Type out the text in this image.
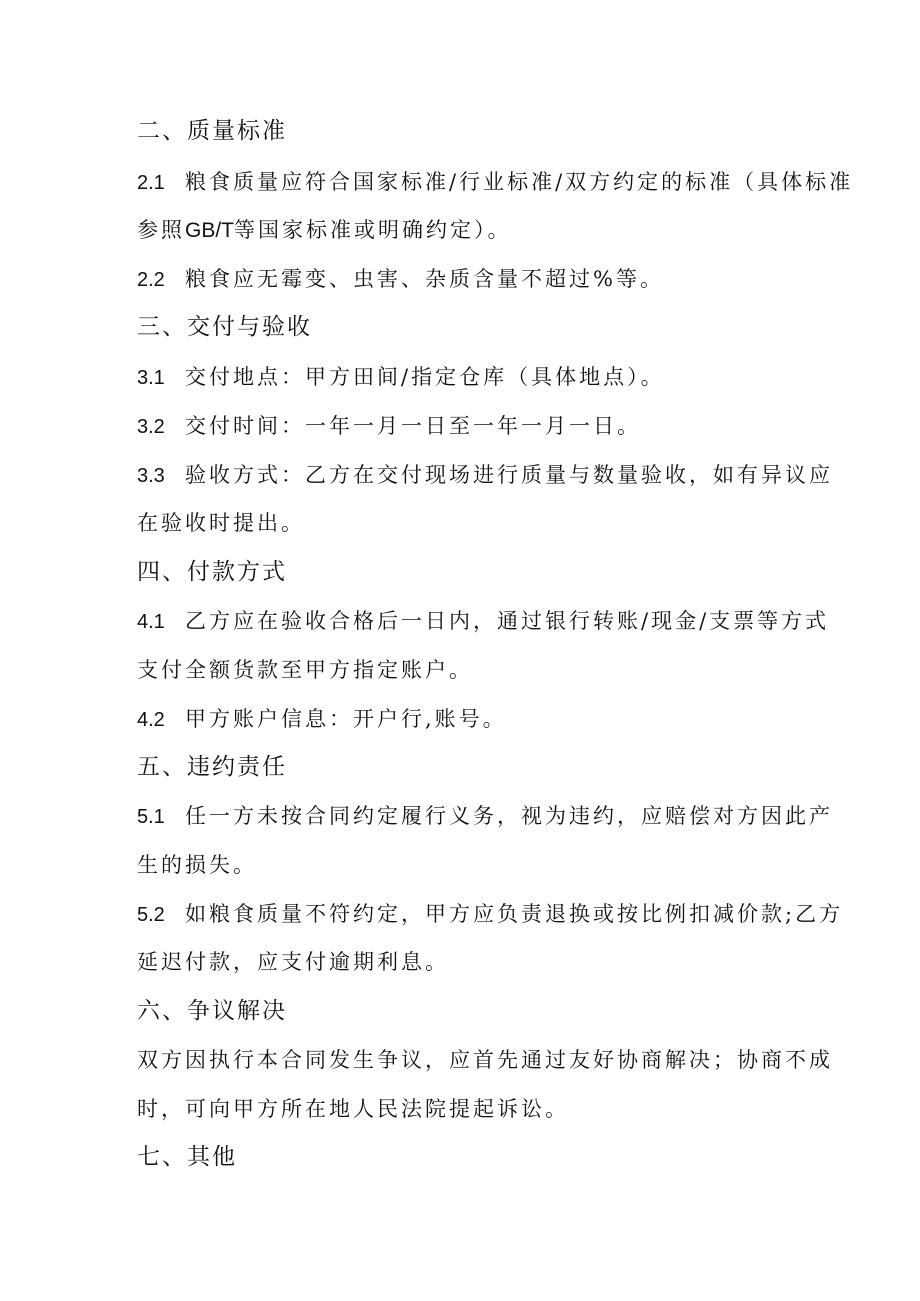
二、质量标准
2.1 粮食质量应符合国家标准/行业标准/双方约定的标准（具体标准
参照GB/T等国家标准或明确约定）。
2.2 粮食应无霉变、虫害、杂质含量不超过%等。
三、交付与验收
3.1 交付地点：甲方田间/指定仓库（具体地点）。
3.2 交付时间：一年一月一日至一年一月一日。
3.3 验收方式：乙方在交付现场进行质量与数量验收，如有异议应
在验收时提出。
四、付款方式
4.1 乙方应在验收合格后一日内，通过银行转账/现金/支票等方式
支付全额货款至甲方指定账户。
4.2 甲方账户信息：开户行,账号。
五、违约责任
5.1 任一方未按合同约定履行义务，视为违约，应赔偿对方因此产
生的损失。
5.2 如粮食质量不符约定，甲方应负责退换或按比例扣减价款;乙方
延迟付款，应支付逾期利息。
六、争议解决
双方因执行本合同发生争议，应首先通过友好协商解决；协商不成
时，可向甲方所在地人民法院提起诉讼。
七、其他
